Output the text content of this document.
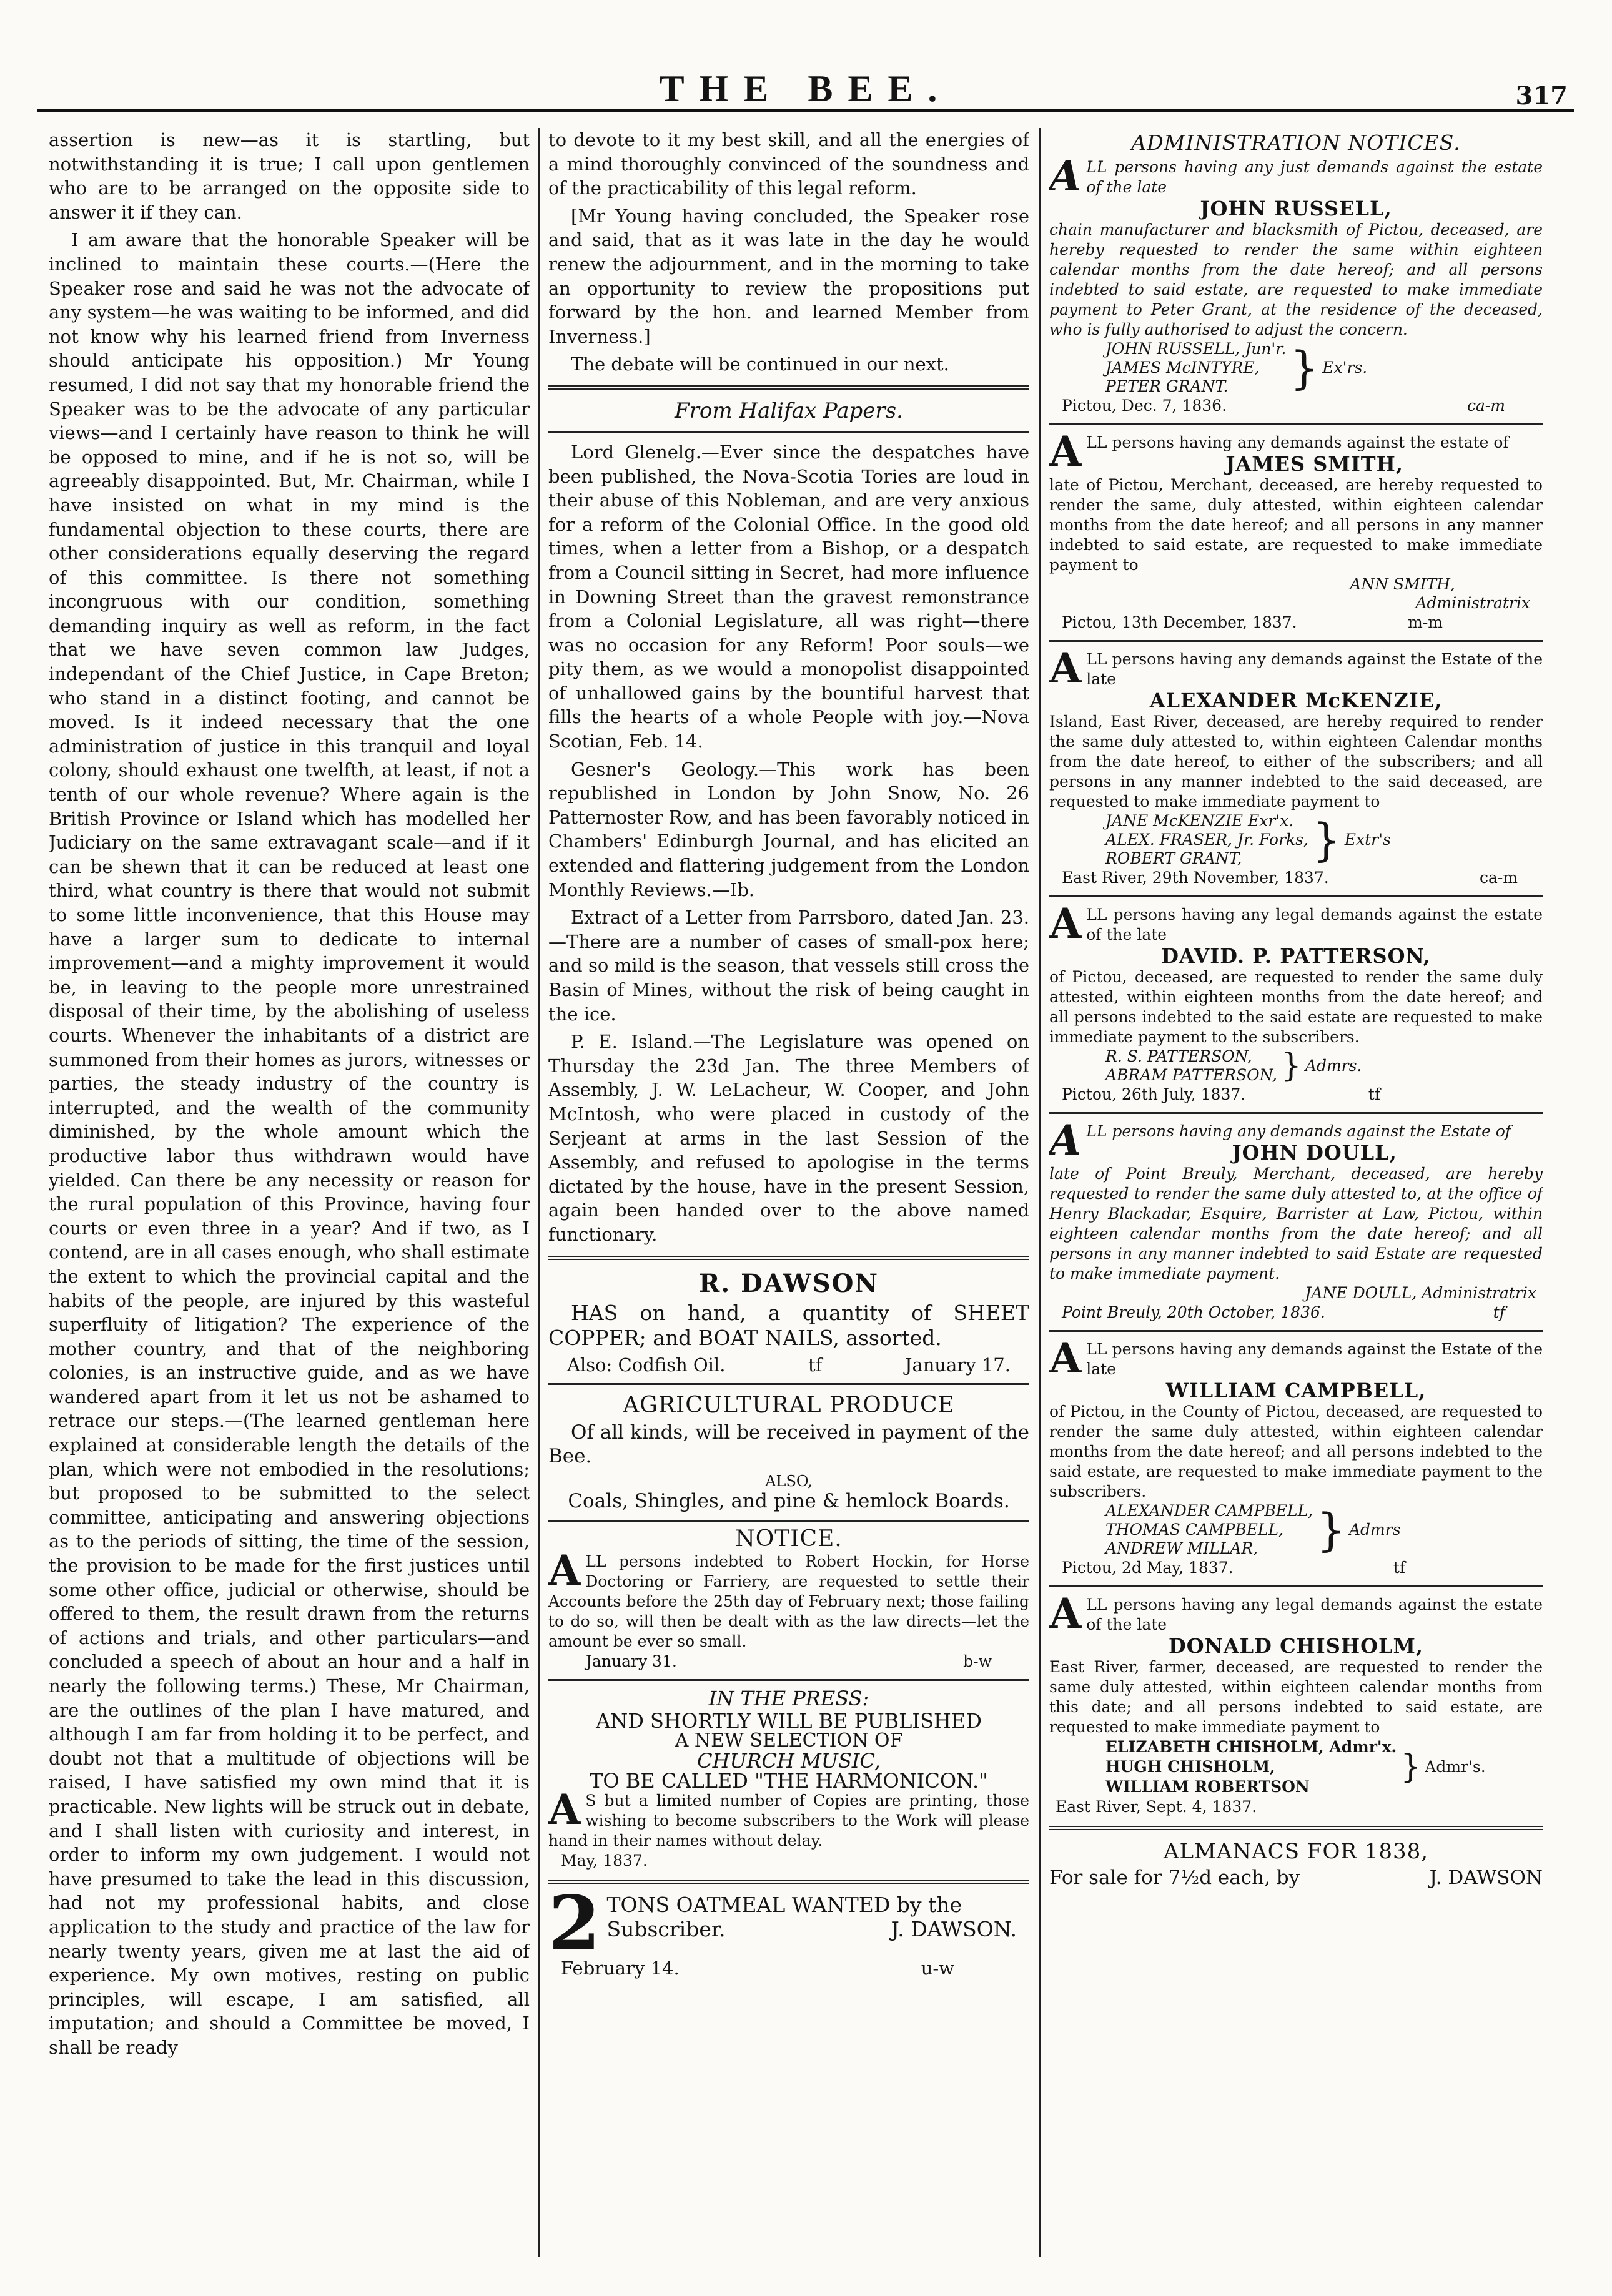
THE BEE.	317

assertion is new—as it is startling, but notwithstanding it is true; I call upon gentlemen who are to be arranged on the opposite side to answer it if they can.

I am aware that the honorable Speaker will be inclined to maintain these courts.—(Here the Speaker rose and said he was not the advocate of any system—he was waiting to be informed, and did not know why his learned friend from Inverness should anticipate his opposition.) Mr Young resumed, I did not say that my honorable friend the Speaker was to be the advocate of any particular views—and I certainly have reason to think he will be opposed to mine, and if he is not so, will be agreeably disappointed. But, Mr. Chairman, while I have insisted on what in my mind is the fundamental objection to these courts, there are other considerations equally deserving the regard of this committee. Is there not something incongruous with our condition, something demanding inquiry as well as reform, in the fact that we have seven common law Judges, independant of the Chief Justice, in Cape Breton; who stand in a distinct footing, and cannot be moved. Is it indeed necessary that the one administration of justice in this tranquil and loyal colony, should exhaust one twelfth, at least, if not a tenth of our whole revenue? Where again is the British Province or Island which has modelled her Judiciary on the same extravagant scale—and if it can be shewn that it can be reduced at least one third, what country is there that would not submit to some little inconvenience, that this House may have a larger sum to dedicate to internal improvement—and a mighty improvement it would be, in leaving to the people more unrestrained disposal of their time, by the abolishing of useless courts. Whenever the inhabitants of a district are summoned from their homes as jurors, witnesses or parties, the steady industry of the country is interrupted, and the wealth of the community diminished, by the whole amount which the productive labor thus withdrawn would have yielded. Can there be any necessity or reason for the rural population of this Province, having four courts or even three in a year? And if two, as I contend, are in all cases enough, who shall estimate the extent to which the provincial capital and the habits of the people, are injured by this wasteful superfluity of litigation? The experience of the mother country, and that of the neighboring colonies, is an instructive guide, and as we have wandered apart from it let us not be ashamed to retrace our steps.—(The learned gentleman here explained at considerable length the details of the plan, which were not embodied in the resolutions; but proposed to be submitted to the select committee, anticipating and answering objections as to the periods of sitting, the time of the session, the provision to be made for the first justices until some other office, judicial or otherwise, should be offered to them, the result drawn from the returns of actions and trials, and other particulars—and concluded a speech of about an hour and a half in nearly the following terms.) These, Mr Chairman, are the outlines of the plan I have matured, and although I am far from holding it to be perfect, and doubt not that a multitude of objections will be raised, I have satisfied my own mind that it is practicable. New lights will be struck out in debate, and I shall listen with curiosity and interest, in order to inform my own judgement. I would not have presumed to take the lead in this discussion, had not my professional habits, and close application to the study and practice of the law for nearly twenty years, given me at last the aid of experience. My own motives, resting on public principles, will escape, I am satisfied, all imputation; and should a Committee be moved, I shall be ready

to devote to it my best skill, and all the energies of a mind thoroughly convinced of the soundness and of the practicability of this legal reform.

[Mr Young having concluded, the Speaker rose and said, that as it was late in the day he would renew the adjournment, and in the morning to take an opportunity to review the propositions put forward by the hon. and learned Member from Inverness.]

The debate will be continued in our next.

From Halifax Papers.

Lord Glenelg.—Ever since the despatches have been published, the Nova-Scotia Tories are loud in their abuse of this Nobleman, and are very anxious for a reform of the Colonial Office. In the good old times, when a letter from a Bishop, or a despatch from a Council sitting in Secret, had more influence in Downing Street than the gravest remonstrance from a Colonial Legislature, all was right—there was no occasion for any Reform! Poor souls—we pity them, as we would a monopolist disappointed of unhallowed gains by the bountiful harvest that fills the hearts of a whole People with joy.—Nova Scotian, Feb. 14.

Gesner's Geology.—This work has been republished in London by John Snow, No. 26 Patternoster Row, and has been favorably noticed in Chambers' Edinburgh Journal, and has elicited an extended and flattering judgement from the London Monthly Reviews.—Ib.

Extract of a Letter from Parrsboro, dated Jan. 23.—There are a number of cases of small-pox here; and so mild is the season, that vessels still cross the Basin of Mines, without the risk of being caught in the ice.

P. E. Island.—The Legislature was opened on Thursday the 23d Jan. The three Members of Assembly, J. W. LeLacheur, W. Cooper, and John McIntosh, who were placed in custody of the Serjeant at arms in the last Session of the Assembly, and refused to apologise in the terms dictated by the house, have in the present Session, again been handed over to the above named functionary.

R. DAWSON

HAS on hand, a quantity of SHEET COPPER; and BOAT NAILS, assorted.

Also: Codfish Oil.	tf	January 17.
AGRICULTURAL PRODUCE

Of all kinds, will be received in payment of the Bee.

ALSO,
Coals, Shingles, and pine & hemlock Boards.
NOTICE.

ALL persons indebted to Robert Hockin, for Horse Doctoring or Farriery, are requested to settle their Accounts before the 25th day of February next; those failing to do so, will then be dealt with as the law directs—let the amount be ever so small.

January 31.	b-w
IN THE PRESS:
AND SHORTLY WILL BE PUBLISHED
A NEW SELECTION OF
CHURCH MUSIC,
TO BE CALLED "THE HARMONICON."

A S but a limited number of Copies are printing, those wishing to become subscribers to the Work will please hand in their names without delay.

May, 1837.
2 TONS OATMEAL WANTED by the
Subscriber.	J. DAWSON.
February 14.	u-w
ADMINISTRATION NOTICES.

ALL persons having any just demands against the estate of the late

JOHN RUSSELL,

chain manufacturer and blacksmith of Pictou, deceased, are hereby requested to render the same within eighteen calendar months from the date hereof; and all persons indebted to said estate, are requested to make immediate payment to Peter Grant, at the residence of the deceased, who is fully authorised to adjust the concern.

JOHN RUSSELL, Jun'r.
JAMES McINTYRE,
PETER GRANT.	} Ex'rs.
Pictou, Dec. 7, 1836.	ca-m

ALL persons having any demands against the estate of

JAMES SMITH,

late of Pictou, Merchant, deceased, are hereby requested to render the same, duly attested, within eighteen calendar months from the date hereof; and all persons in any manner indebted to said estate, are requested to make immediate payment to

ANN SMITH,
Administratrix
Pictou, 13th December, 1837.	m-m

ALL persons having any demands against the Estate of the late

ALEXANDER McKENZIE,

Island, East River, deceased, are hereby required to render the same duly attested to, within eighteen Calendar months from the date hereof, to either of the subscribers; and all persons in any manner indebted to the said deceased, are requested to make immediate payment to

JANE McKENZIE Exr'x.
ALEX. FRASER, Jr. Forks,
ROBERT GRANT,	} Extr's
East River, 29th November, 1837.	ca-m

ALL persons having any legal demands against the estate of the late

DAVID. P. PATTERSON,

of Pictou, deceased, are requested to render the same duly attested, within eighteen months from the date hereof; and all persons indebted to the said estate are requested to make immediate payment to the subscribers.

R. S. PATTERSON,
ABRAM PATTERSON, } Admrs.
Pictou, 26th July, 1837.	tf

ALL persons having any demands against the Estate of

JOHN DOULL,

late of Point Breuly, Merchant, deceased, are hereby requested to render the same duly attested to, at the office of Henry Blackadar, Esquire, Barrister at Law, Pictou, within eighteen calendar months from the date hereof; and all persons in any manner indebted to said Estate are requested to make immediate payment.

JANE DOULL, Administratrix
Point Breuly, 20th October, 1836.	tf

ALL persons having any demands against the Estate of the late

WILLIAM CAMPBELL,

of Pictou, in the County of Pictou, deceased, are requested to render the same duly attested, within eighteen calendar months from the date hereof; and all persons indebted to the said estate, are requested to make immediate payment to the subscribers.

ALEXANDER CAMPBELL,
THOMAS CAMPBELL,
ANDREW MILLAR,	} Admrs
Pictou, 2d May, 1837.	tf

ALL persons having any legal demands against the estate of the late

DONALD CHISHOLM,

East River, farmer, deceased, are requested to render the same duly attested, within eighteen calendar months from this date; and all persons indebted to said estate, are requested to make immediate payment to

ELIZABETH CHISHOLM, Admr'x.
HUGH CHISHOLM,
WILLIAM ROBERTSON
} Admr's.
East River, Sept. 4, 1837.
ALMANACS FOR 1838,
For sale for 7½d each, by	J. DAWSON
